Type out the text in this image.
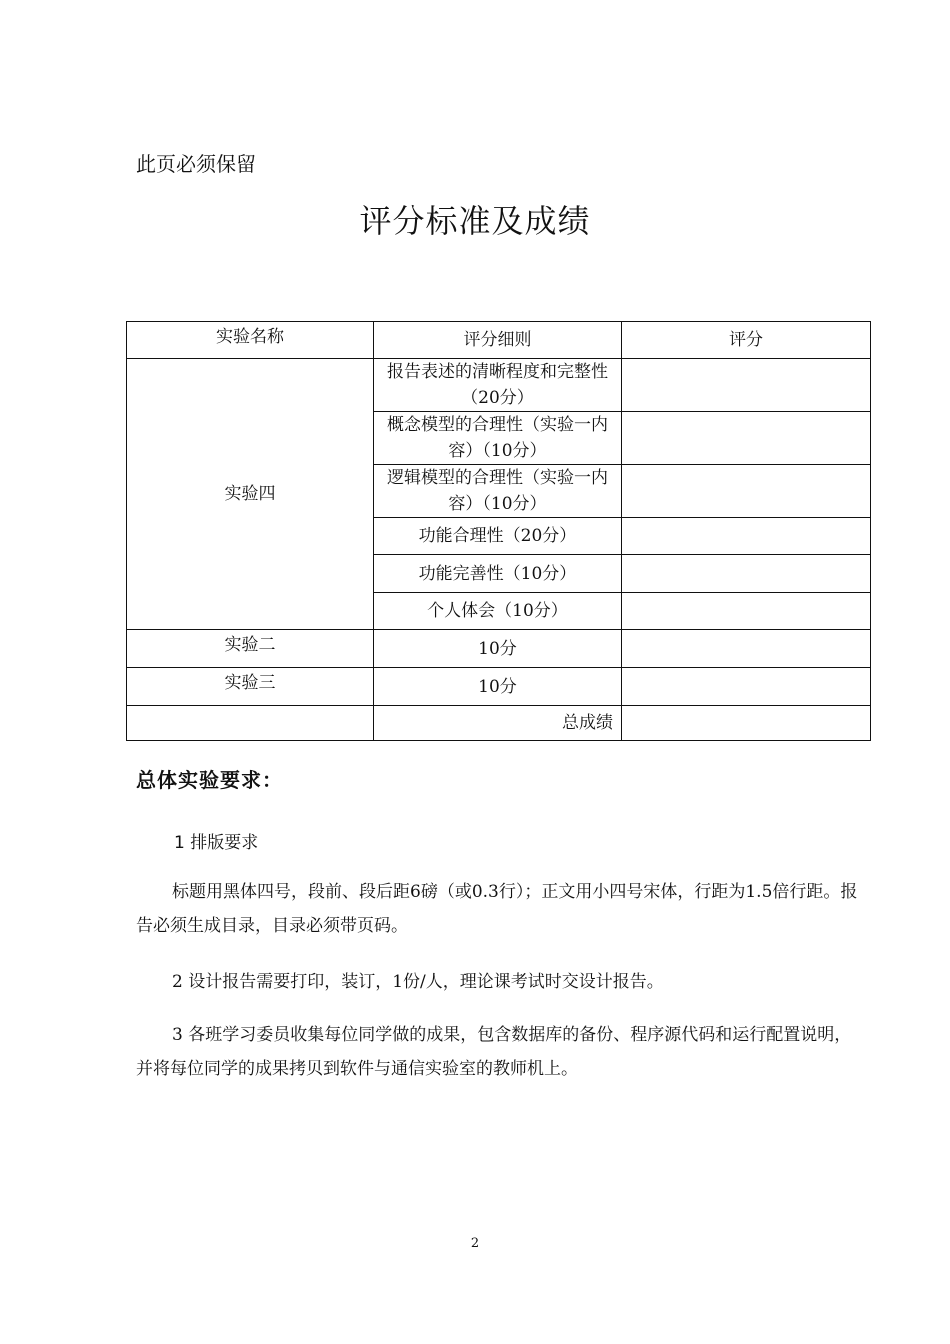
此页必须保留
评分标准及成绩
实验名称	评分细则	评分
实验四	报告表述的清晰程度和完整性（20分）	
	概念模型的合理性（实验一内容）（10分）	
	逻辑模型的合理性（实验一内容）（10分）	
	功能合理性（20分）	
	功能完善性（10分）	
	个人体会（10分）	
实验二	10分	
实验三	10分	
	总成绩	
总体实验要求：
1 排版要求
标题用黑体四号，段前、段后距6磅（或0.3行）；正文用小四号宋体，行距为1.5倍行距。报告必须生成目录，目录必须带页码。
2 设计报告需要打印，装订，1份/人，理论课考试时交设计报告。
3 各班学习委员收集每位同学做的成果，包含数据库的备份、程序源代码和运行配置说明，并将每位同学的成果拷贝到软件与通信实验室的教师机上。
2
